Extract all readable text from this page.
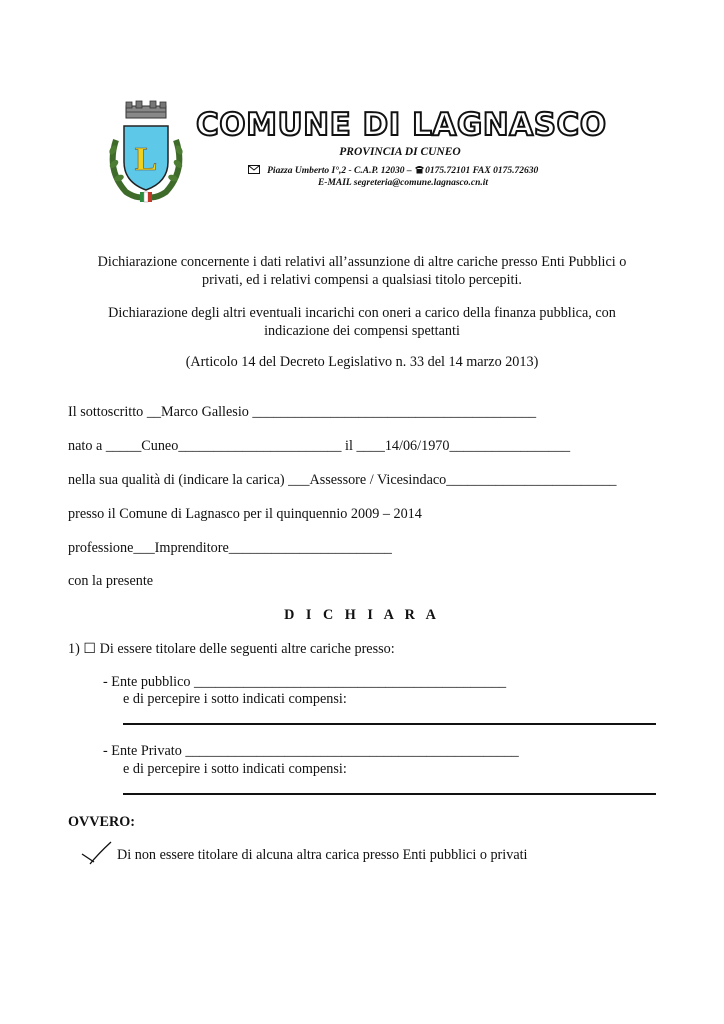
L
COMUNE DI LAGNASCO
PROVINCIA DI CUNEO
Piazza Umberto I°,2 - C.A.P. 12030 – 0175.72101 FAX 0175.72630
E-MAIL segreteria@comune.lagnasco.cn.it
Dichiarazione concernente i dati relativi all’assunzione di altre cariche presso Enti Pubblici o
privati, ed i relativi compensi a qualsiasi titolo percepiti.
Dichiarazione degli altri eventuali incarichi con oneri a carico della finanza pubblica, con
indicazione dei compensi spettanti
(Articolo 14 del Decreto Legislativo n. 33 del 14 marzo 2013)
Il sottoscritto __Marco Gallesio ________________________________________
nato a _____Cuneo_______________________ il ____14/06/1970_________________
nella sua qualità di (indicare la carica) ___Assessore / Vicesindaco________________________
presso il Comune di Lagnasco per il quinquennio 2009 – 2014
professione___Imprenditore_______________________
con la presente
D I C H I A R A
1) ☐ Di essere titolare delle seguenti altre cariche presso:
- Ente pubblico ____________________________________________
e di percepire i sotto indicati compensi:
- Ente Privato _______________________________________________
e di percepire i sotto indicati compensi:
OVVERO:
Di non essere titolare di alcuna altra carica presso Enti pubblici o privati
